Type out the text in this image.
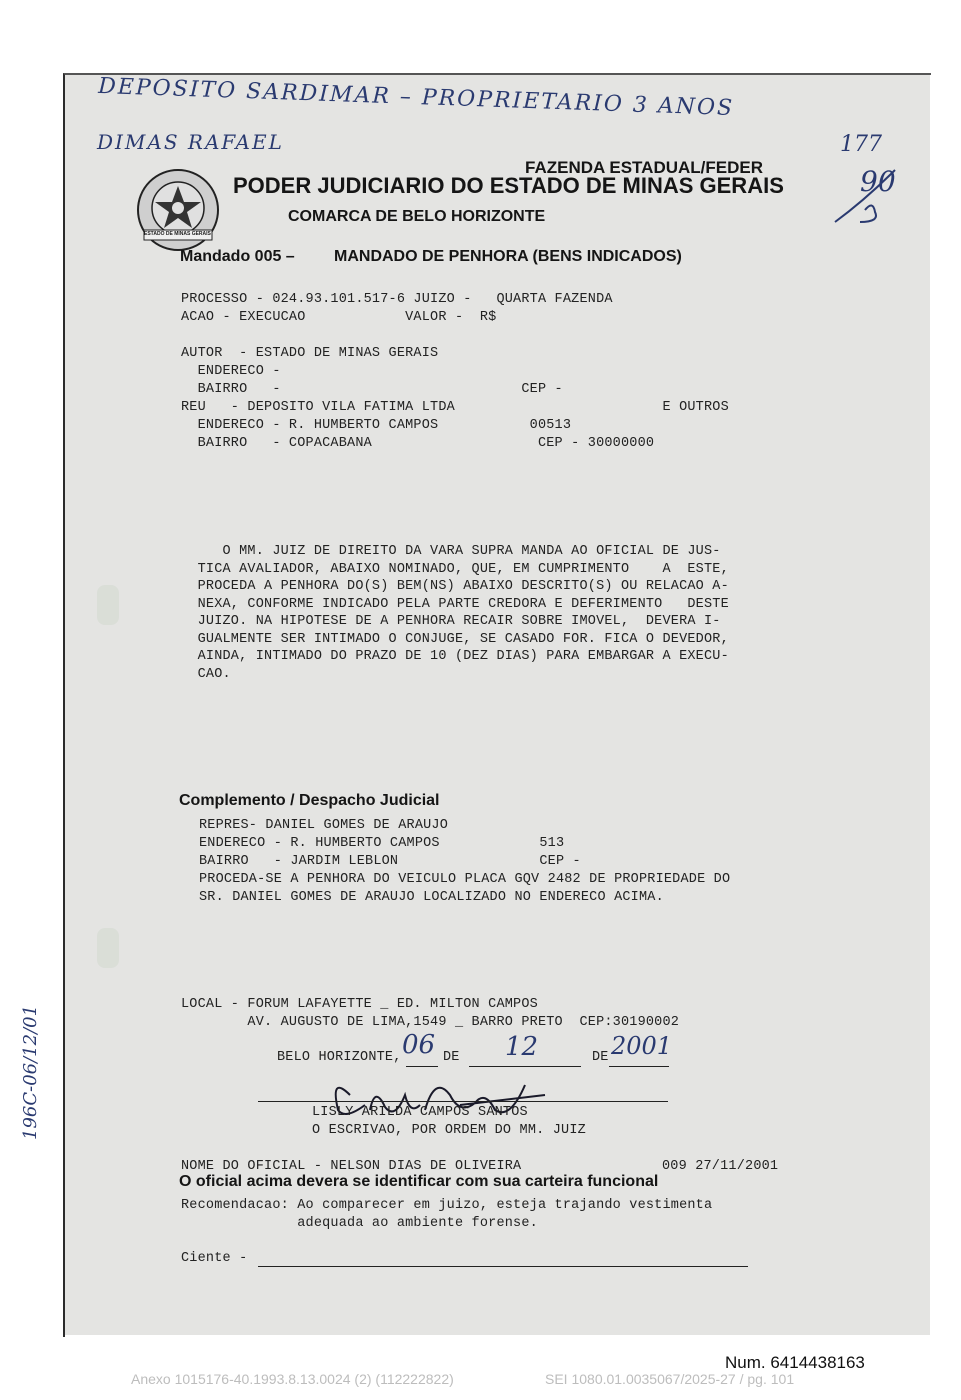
DEPOSITO SARDIMAR – PROPRIETARIO 3 ANOS
DIMAS RAFAEL	177
90
196C-06/12/01
ESTADO DE MINAS GERAIS
FAZENDA ESTADUAL/FEDER
PODER JUDICIARIO DO ESTADO DE MINAS GERAIS
COMARCA DE BELO HORIZONTE
Mandado 005 – MANDADO DE PENHORA (BENS INDICADOS)
PROCESSO - 024.93.101.517-6 JUIZO -   QUARTA FAZENDA
ACAO - EXECUCAO            VALOR -  R$
AUTOR  - ESTADO DE MINAS GERAIS
ENDERECO -
BAIRRO   -                             CEP -
REU   - DEPOSITO VILA FATIMA LTDA                         E OUTROS
ENDERECO - R. HUMBERTO CAMPOS           00513
BAIRRO   - COPACABANA                    CEP - 30000000
O MM. JUIZ DE DIREITO DA VARA SUPRA MANDA AO OFICIAL DE JUS-
TICA AVALIADOR, ABAIXO NOMINADO, QUE, EM CUMPRIMENTO    A  ESTE,
PROCEDA A PENHORA DO(S) BEM(NS) ABAIXO DESCRITO(S) OU RELACAO A-
NEXA, CONFORME INDICADO PELA PARTE CREDORA E DEFERIMENTO   DESTE
JUIZO. NA HIPOTESE DE A PENHORA RECAIR SOBRE IMOVEL,  DEVERA I-
GUALMENTE SER INTIMADO O CONJUGE, SE CASADO FOR. FICA O DEVEDOR,
AINDA, INTIMADO DO PRAZO DE 10 (DEZ DIAS) PARA EMBARGAR A EXECU-
CAO.
Complemento / Despacho Judicial
REPRES- DANIEL GOMES DE ARAUJO
ENDERECO - R. HUMBERTO CAMPOS            513
BAIRRO   - JARDIM LEBLON                 CEP -
PROCEDA-SE A PENHORA DO VEICULO PLACA GQV 2482 DE PROPRIEDADE DO
SR. DANIEL GOMES DE ARAUJO LOCALIZADO NO ENDERECO ACIMA.
LOCAL - FORUM LAFAYETTE _ ED. MILTON CAMPOS
AV. AUGUSTO DE LIMA,1549 _ BARRO PRETO  CEP:30190002
BELO HORIZONTE,	DE	DE
06	12	2001
LISLY ARILDA CAMPOS SANTOS
O ESCRIVAO, POR ORDEM DO MM. JUIZ
NOME DO OFICIAL - NELSON DIAS DE OLIVEIRA	009 27/11/2001
O oficial acima devera se identificar com sua carteira funcional
Recomendacao: Ao comparecer em juizo, esteja trajando vestimenta
adequada ao ambiente forense.
Ciente -
Num. 6414438163
Anexo 1015176-40.1993.8.13.0024 (2) (112222822)	SEI 1080.01.0035067/2025-27 / pg. 101
